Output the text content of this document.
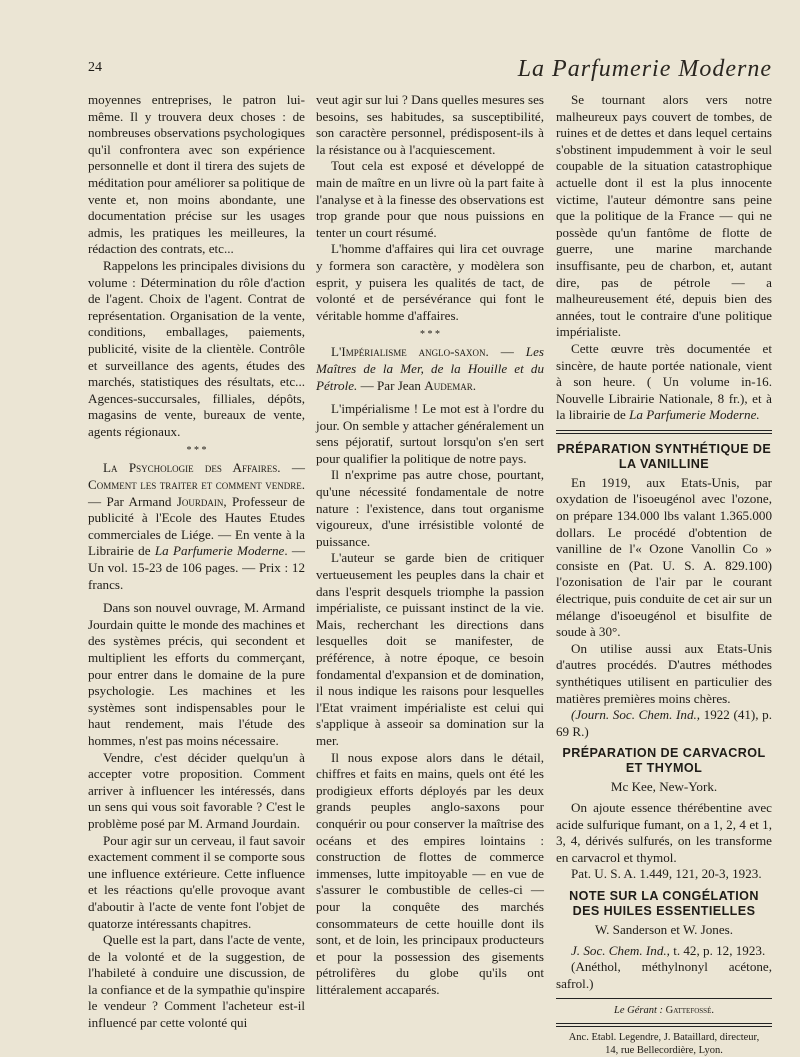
24	La Parfumerie Moderne

moyennes entreprises, le patron lui-même. Il y trouvera deux choses : de nombreuses observations psychologiques qu'il confrontera avec son expérience personnelle et dont il tirera des sujets de méditation pour améliorer sa politique de vente et, non moins abondante, une documentation précise sur les usages admis, les pratiques les meilleures, la rédaction des contrats, etc...

Rappelons les principales divisions du volume : Détermination du rôle d'action de l'agent. Choix de l'agent. Contrat de représentation. Organisation de la vente, conditions, emballages, paiements, publicité, visite de la clientèle. Contrôle et surveillance des agents, études des marchés, statistiques des résultats, etc... Agences-succursales, filliales, dépôts, magasins de vente, bureaux de vente, agents régionaux.

* * *

La Psychologie des Affaires. — Comment les traiter et comment vendre. — Par Armand Jourdain, Professeur de publicité à l'Ecole des Hautes Etudes commerciales de Liége. — En vente à la Librairie de La Parfumerie Moderne. — Un vol. 15-23 de 106 pages. — Prix : 12 francs.

Dans son nouvel ouvrage, M. Armand Jourdain quitte le monde des machines et des systèmes précis, qui secondent et multiplient les efforts du commerçant, pour entrer dans le domaine de la pure psychologie. Les machines et les systèmes sont indispensables pour le haut rendement, mais l'étude des hommes, n'est pas moins nécessaire.

Vendre, c'est décider quelqu'un à accepter votre proposition. Comment arriver à influencer les intéressés, dans un sens qui vous soit favorable ? C'est le problème posé par M. Armand Jourdain.

Pour agir sur un cerveau, il faut savoir exactement comment il se comporte sous une influence extérieure. Cette influence et les réactions qu'elle provoque avant d'aboutir à l'acte de vente font l'objet de quatorze intéressants chapitres.

Quelle est la part, dans l'acte de vente, de la volonté et de la suggestion, de l'habileté à conduire une discussion, de la confiance et de la sympathie qu'inspire le vendeur ? Comment l'acheteur est-il influencé par cette volonté qui

veut agir sur lui ? Dans quelles mesures ses besoins, ses habitudes, sa susceptibilité, son caractère personnel, prédisposent-ils à la résistance ou à l'acquiescement.

Tout cela est exposé et développé de main de maître en un livre où la part faite à l'analyse et à la finesse des observations est trop grande pour que nous puissions en tenter un court résumé.

L'homme d'affaires qui lira cet ouvrage y formera son caractère, y modèlera son esprit, y puisera les qualités de tact, de volonté et de persévérance qui font le véritable homme d'affaires.

* * *

L'Impérialisme anglo-saxon. — Les Maîtres de la Mer, de la Houille et du Pétrole. — Par Jean Audemar.

L'impérialisme ! Le mot est à l'ordre du jour. On semble y attacher généralement un sens péjoratif, surtout lorsqu'on s'en sert pour qualifier la politique de notre pays.

Il n'exprime pas autre chose, pourtant, qu'une nécessité fondamentale de notre nature : l'existence, dans tout organisme vigoureux, d'une irrésistible volonté de puissance.

L'auteur se garde bien de critiquer vertueusement les peuples dans la chair et dans l'esprit desquels triomphe la passion impérialiste, ce puissant instinct de la vie. Mais, recherchant les directions dans lesquelles doit se manifester, de préférence, à notre époque, ce besoin fondamental d'expansion et de domination, il nous indique les raisons pour lesquelles l'Etat vraiment impérialiste est celui qui s'applique à asseoir sa domination sur la mer.

Il nous expose alors dans le détail, chiffres et faits en mains, quels ont été les prodigieux efforts déployés par les deux grands peuples anglo-saxons pour conquérir ou pour conserver la maîtrise des océans et des empires lointains : construction de flottes de commerce immenses, lutte impitoyable — en vue de s'assurer le combustible de celles-ci — pour la conquête des marchés consommateurs de cette houille dont ils sont, et de loin, les principaux producteurs et pour la possession des gisements pétrolifères du globe qu'ils ont littéralement accaparés.

Se tournant alors vers notre malheureux pays couvert de tombes, de ruines et de dettes et dans lequel certains s'obstinent impudemment à voir le seul coupable de la situation catastrophique actuelle dont il est la plus innocente victime, l'auteur démontre sans peine que la politique de la France — qui ne possède qu'un fantôme de flotte de guerre, une marine marchande insuffisante, peu de charbon, et, autant dire, pas de pétrole — a malheureusement été, depuis bien des années, tout le contraire d'une politique impérialiste.

Cette œuvre très documentée et sincère, de haute portée nationale, vient à son heure. ( Un volume in-16. Nouvelle Librairie Nationale, 8 fr.), et à la librairie de La Parfumerie Moderne.

PRÉPARATION SYNTHÉTIQUE DE LA VANILLINE

En 1919, aux Etats-Unis, par oxydation de l'isoeugénol avec l'ozone, on prépare 134.000 lbs valant 1.365.000 dollars. Le procédé d'obtention de vanilline de l'« Ozone Vanollin Co » consiste en (Pat. U. S. A. 829.100) l'ozonisation de l'air par le courant électrique, puis conduite de cet air sur un mélange d'isoeugénol et bisulfite de soude à 30°.

On utilise aussi aux Etats-Unis d'autres procédés. D'autres méthodes synthétiques utilisent en particulier des matières premières moins chères.

(Journ. Soc. Chem. Ind., 1922 (41), p. 69 R.)

PRÉPARATION DE CARVACROL ET THYMOL
Mc Kee, New-York.

On ajoute essence thérébentine avec acide sulfurique fumant, on a 1, 2, 4 et 1, 3, 4, dérivés sulfurés, on les transforme en carvacrol et thymol.

Pat. U. S. A. 1.449, 121, 20-3, 1923.

NOTE SUR LA CONGÉLATION DES HUILES ESSENTIELLES
W. Sanderson et W. Jones.

J. Soc. Chem. Ind., t. 42, p. 12, 1923.

(Anéthol, méthylnonyl acétone, safrol.)

Le Gérant : Gattefossé.
Anc. Etabl. Legendre, J. Bataillard, directeur,
14, rue Bellecordière, Lyon.
